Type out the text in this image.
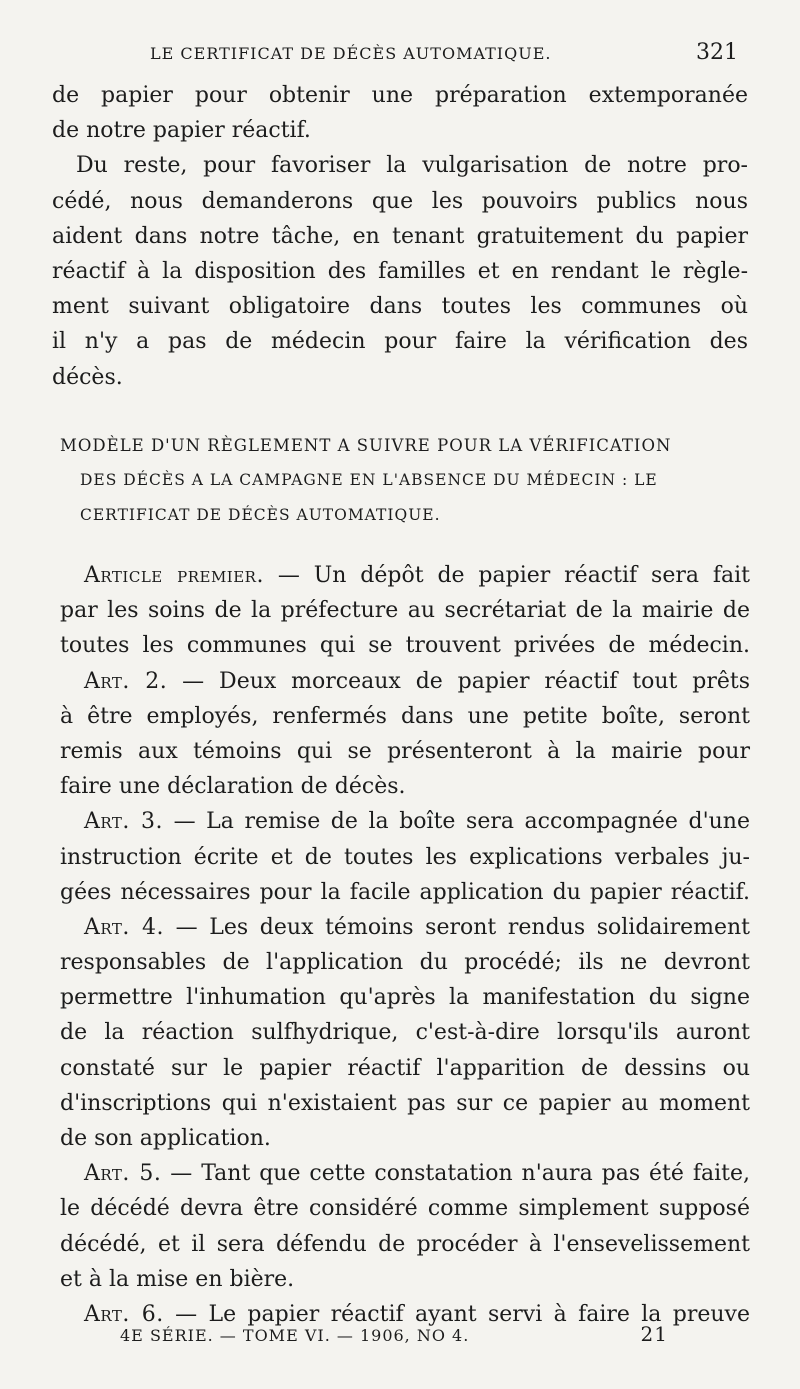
LE CERTIFICAT DE DÉCÈS AUTOMATIQUE.	321
de papier pour obtenir une préparation extemporanée
de notre papier réactif.
Du reste, pour favoriser la vulgarisation de notre pro-
cédé, nous demanderons que les pouvoirs publics nous
aident dans notre tâche, en tenant gratuitement du papier
réactif à la disposition des familles et en rendant le règle-
ment suivant obligatoire dans toutes les communes où
il n'y a pas de médecin pour faire la vérification des
décès.
MODÈLE D'UN RÈGLEMENT A SUIVRE POUR LA VÉRIFICATION
DES DÉCÈS A LA CAMPAGNE EN L'ABSENCE DU MÉDECIN : LE
CERTIFICAT DE DÉCÈS AUTOMATIQUE.
Article premier. — Un dépôt de papier réactif sera fait
par les soins de la préfecture au secrétariat de la mairie de
toutes les communes qui se trouvent privées de médecin.
Art. 2. — Deux morceaux de papier réactif tout prêts
à être employés, renfermés dans une petite boîte, seront
remis aux témoins qui se présenteront à la mairie pour
faire une déclaration de décès.
Art. 3. — La remise de la boîte sera accompagnée d'une
instruction écrite et de toutes les explications verbales ju-
gées nécessaires pour la facile application du papier réactif.
Art. 4. — Les deux témoins seront rendus solidairement
responsables de l'application du procédé; ils ne devront
permettre l'inhumation qu'après la manifestation du signe
de la réaction sulfhydrique, c'est-à-dire lorsqu'ils auront
constaté sur le papier réactif l'apparition de dessins ou
d'inscriptions qui n'existaient pas sur ce papier au moment
de son application.
Art. 5. — Tant que cette constatation n'aura pas été faite,
le décédé devra être considéré comme simplement supposé
décédé, et il sera défendu de procéder à l'ensevelissement
et à la mise en bière.
Art. 6. — Le papier réactif ayant servi à faire la preuve
4E SÉRIE. — TOME VI. — 1906, NO 4.	21
